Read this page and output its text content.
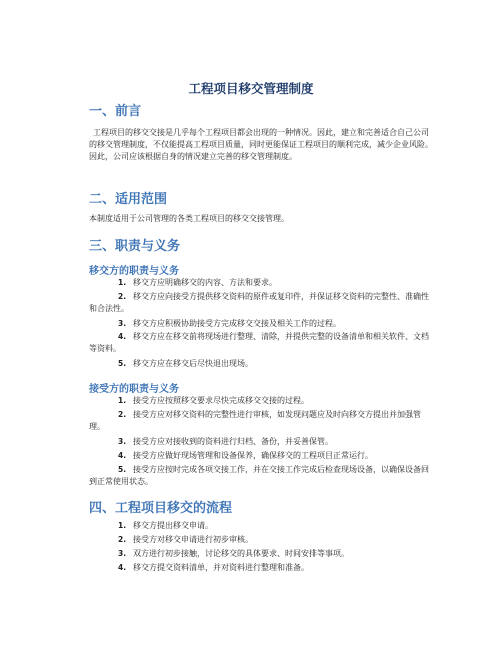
工程项目移交管理制度
一、前言
工程项目的移交交接是几乎每个工程项目都会出现的一种情况。因此，建立和完善适合自己公司的移交管理制度，不仅能提高工程项目质量，同时更能保证工程项目的顺利完成，减少企业风险。因此，公司应该根据自身的情况建立完善的移交管理制度。
二、适用范围
本制度适用于公司管理的各类工程项目的移交交接管理。
三、职责与义务
移交方的职责与义务
1. 移交方应明确移交的内容、方法和要求。
2. 移交方应向接受方提供移交资料的原件或复印件，并保证移交资料的完整性、准确性和合法性。
3. 移交方应积极协助接受方完成移交交接及相关工作的过程。
4. 移交方应在移交前将现场进行整理、清除，并提供完整的设备清单和相关软件、文档等资料。
5. 移交方应在移交后尽快退出现场。
接受方的职责与义务
1. 接受方应按照移交要求尽快完成移交交接的过程。
2. 接受方应对移交资料的完整性进行审核，如发现问题应及时向移交方提出并加强管理。
3. 接受方应对接收到的资料进行归档、备份，并妥善保管。
4. 接受方应做好现场管理和设备保养，确保移交的工程项目正常运行。
5. 接受方应按时完成各项交接工作，并在交接工作完成后检查现场设备，以确保设备回到正常使用状态。
四、工程项目移交的流程
1. 移交方提出移交申请。
2. 接受方对移交申请进行初步审核。
3. 双方进行初步接触，讨论移交的具体要求、时间安排等事项。
4. 移交方提交资料清单，并对资料进行整理和准备。
